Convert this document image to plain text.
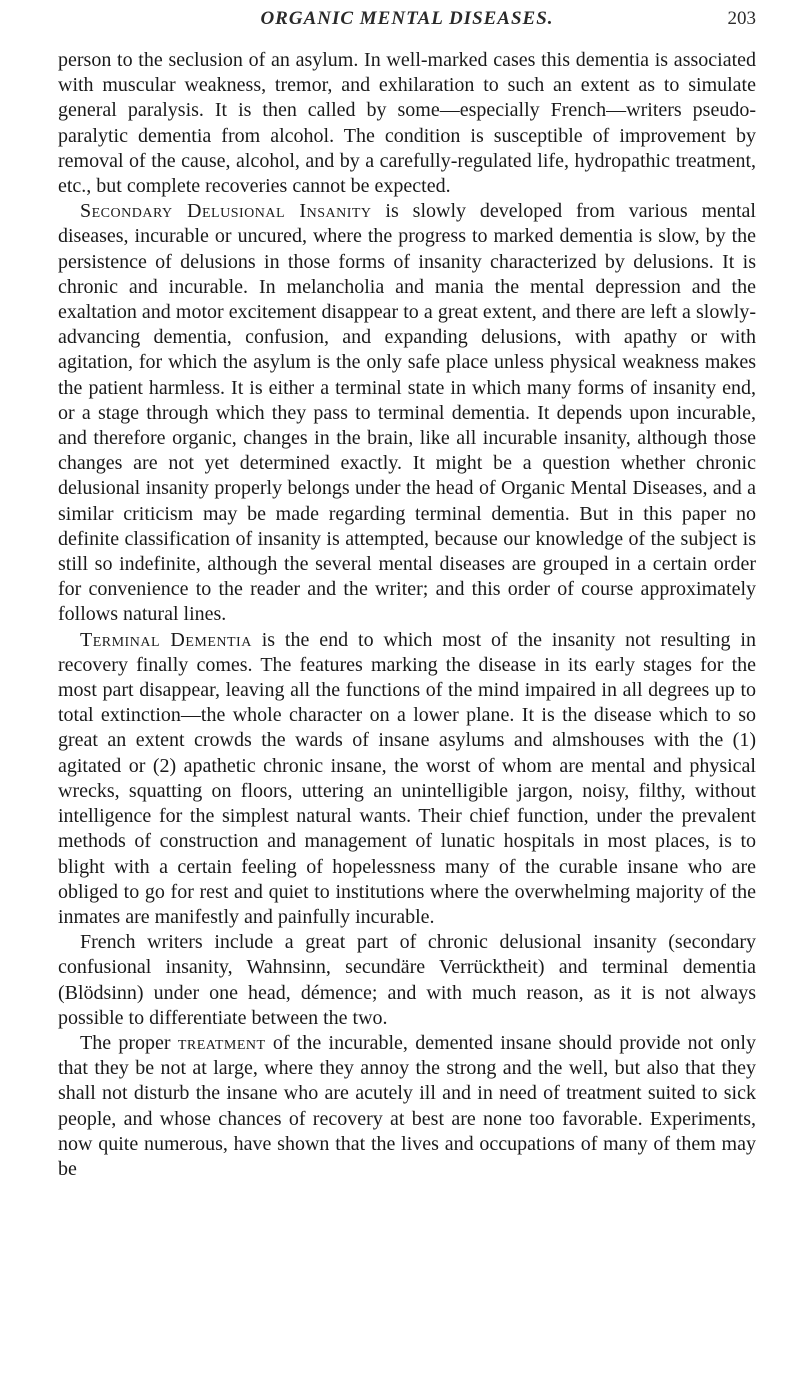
ORGANIC MENTAL DISEASES.	203

person to the seclusion of an asylum. In well-marked cases this dementia is associated with muscular weakness, tremor, and exhilaration to such an extent as to simulate general paralysis. It is then called by some—especially French—writers pseudo-paralytic dementia from alcohol. The condition is susceptible of improvement by removal of the cause, alcohol, and by a carefully-regulated life, hydropathic treatment, etc., but complete recoveries cannot be expected.

Secondary Delusional Insanity is slowly developed from various mental diseases, incurable or uncured, where the progress to marked dementia is slow, by the persistence of delusions in those forms of insanity characterized by delusions. It is chronic and incurable. In melancholia and mania the mental depression and the exaltation and motor excitement disappear to a great extent, and there are left a slowly-advancing dementia, confusion, and expanding delusions, with apathy or with agitation, for which the asylum is the only safe place unless physical weakness makes the patient harmless. It is either a terminal state in which many forms of insanity end, or a stage through which they pass to terminal dementia. It depends upon incurable, and therefore organic, changes in the brain, like all incurable insanity, although those changes are not yet determined exactly. It might be a question whether chronic delusional insanity properly belongs under the head of Organic Mental Diseases, and a similar criticism may be made regarding terminal dementia. But in this paper no definite classification of insanity is attempted, because our knowledge of the subject is still so indefinite, although the several mental diseases are grouped in a certain order for convenience to the reader and the writer; and this order of course approximately follows natural lines.

Terminal Dementia is the end to which most of the insanity not resulting in recovery finally comes. The features marking the disease in its early stages for the most part disappear, leaving all the functions of the mind impaired in all degrees up to total extinction—the whole character on a lower plane. It is the disease which to so great an extent crowds the wards of insane asylums and almshouses with the (1) agitated or (2) apathetic chronic insane, the worst of whom are mental and physical wrecks, squatting on floors, uttering an unintelligible jargon, noisy, filthy, without intelligence for the simplest natural wants. Their chief function, under the prevalent methods of construction and management of lunatic hospitals in most places, is to blight with a certain feeling of hopelessness many of the curable insane who are obliged to go for rest and quiet to institutions where the overwhelming majority of the inmates are manifestly and painfully incurable.

French writers include a great part of chronic delusional insanity (secondary confusional insanity, Wahnsinn, secundäre Verrücktheit) and terminal dementia (Blödsinn) under one head, démence; and with much reason, as it is not always possible to differentiate between the two.

The proper treatment of the incurable, demented insane should provide not only that they be not at large, where they annoy the strong and the well, but also that they shall not disturb the insane who are acutely ill and in need of treatment suited to sick people, and whose chances of recovery at best are none too favorable. Experiments, now quite numerous, have shown that the lives and occupations of many of them may be
